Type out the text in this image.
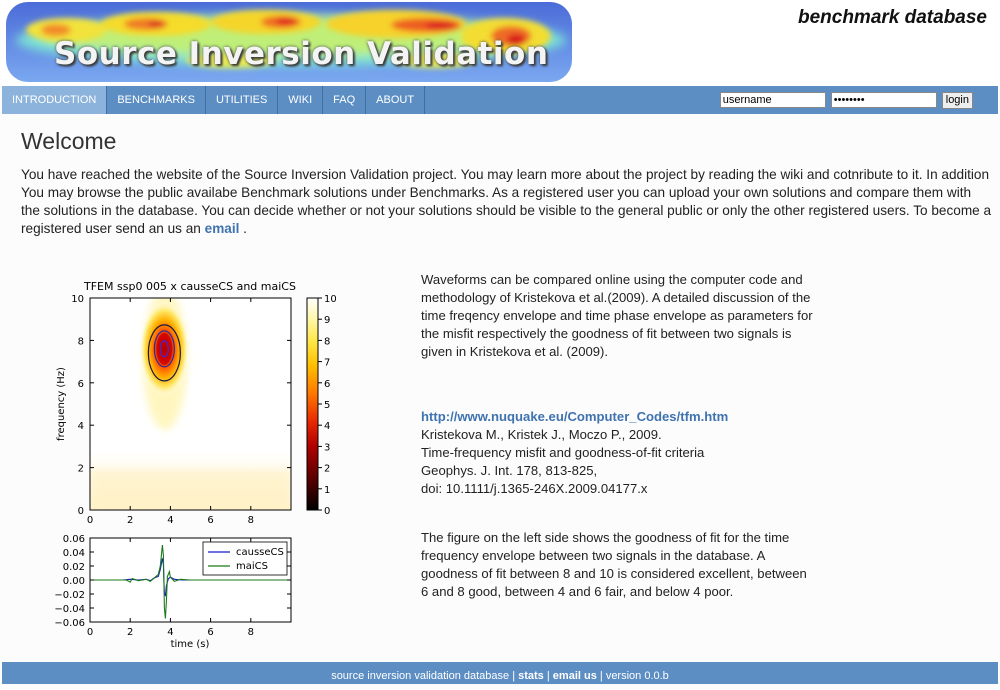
Source Inversion Validation
benchmark database
INTRODUCTION	BENCHMARKS	UTILITIES	WIKI	FAQ	ABOUT
username
••••••••	login
Welcome

You have reached the website of the Source Inversion Validation project. You may learn more about the project by reading the wiki and cotnribute to it. In addition You may browse the public availabe Benchmark solutions under Benchmarks. As a registered user you can upload your own solutions and compare them with the solutions in the database. You can decide whether or not your solutions should be visible to the general public or only the other registered users. To become a registered user send an us an email .

Waveforms can be compared online using the computer code and methodology of Kristekova et al.(2009). A detailed discussion of the time freqency envelope and time phase envelope as parameters for the misfit respectively the goodness of fit between two signals is given in Kristekova et al. (2009).

http://www.nuquake.eu/Computer_Codes/tfm.htm
Kristekova M., Kristek J., Moczo P., 2009.
Time-frequency misfit and goodness-of-fit criteria
Geophys. J. Int. 178, 813-825,
doi: 10.1111/j.1365-246X.2009.04177.x

The figure on the left side shows the goodness of fit for the time frequency envelope between two signals in the database. A goodness of fit between 8 and 10 is considered excellent, between 6 and 8 good, between 4 and 6 fair, and below 4 poor.

TFEM ssp0 005 x causseCS and maiCS
0	2	4	6	8
0
2
4
6
8
10
frequency (Hz)
0
1
2
3
4
5
6
7
8
9
10
0	2	4	6	8
0.06
0.04
0.02
0.00
−0.02
−0.04
−0.06
time (s)
causseCS
maiCS
source inversion validation database | stats | email us | version 0.0.b
